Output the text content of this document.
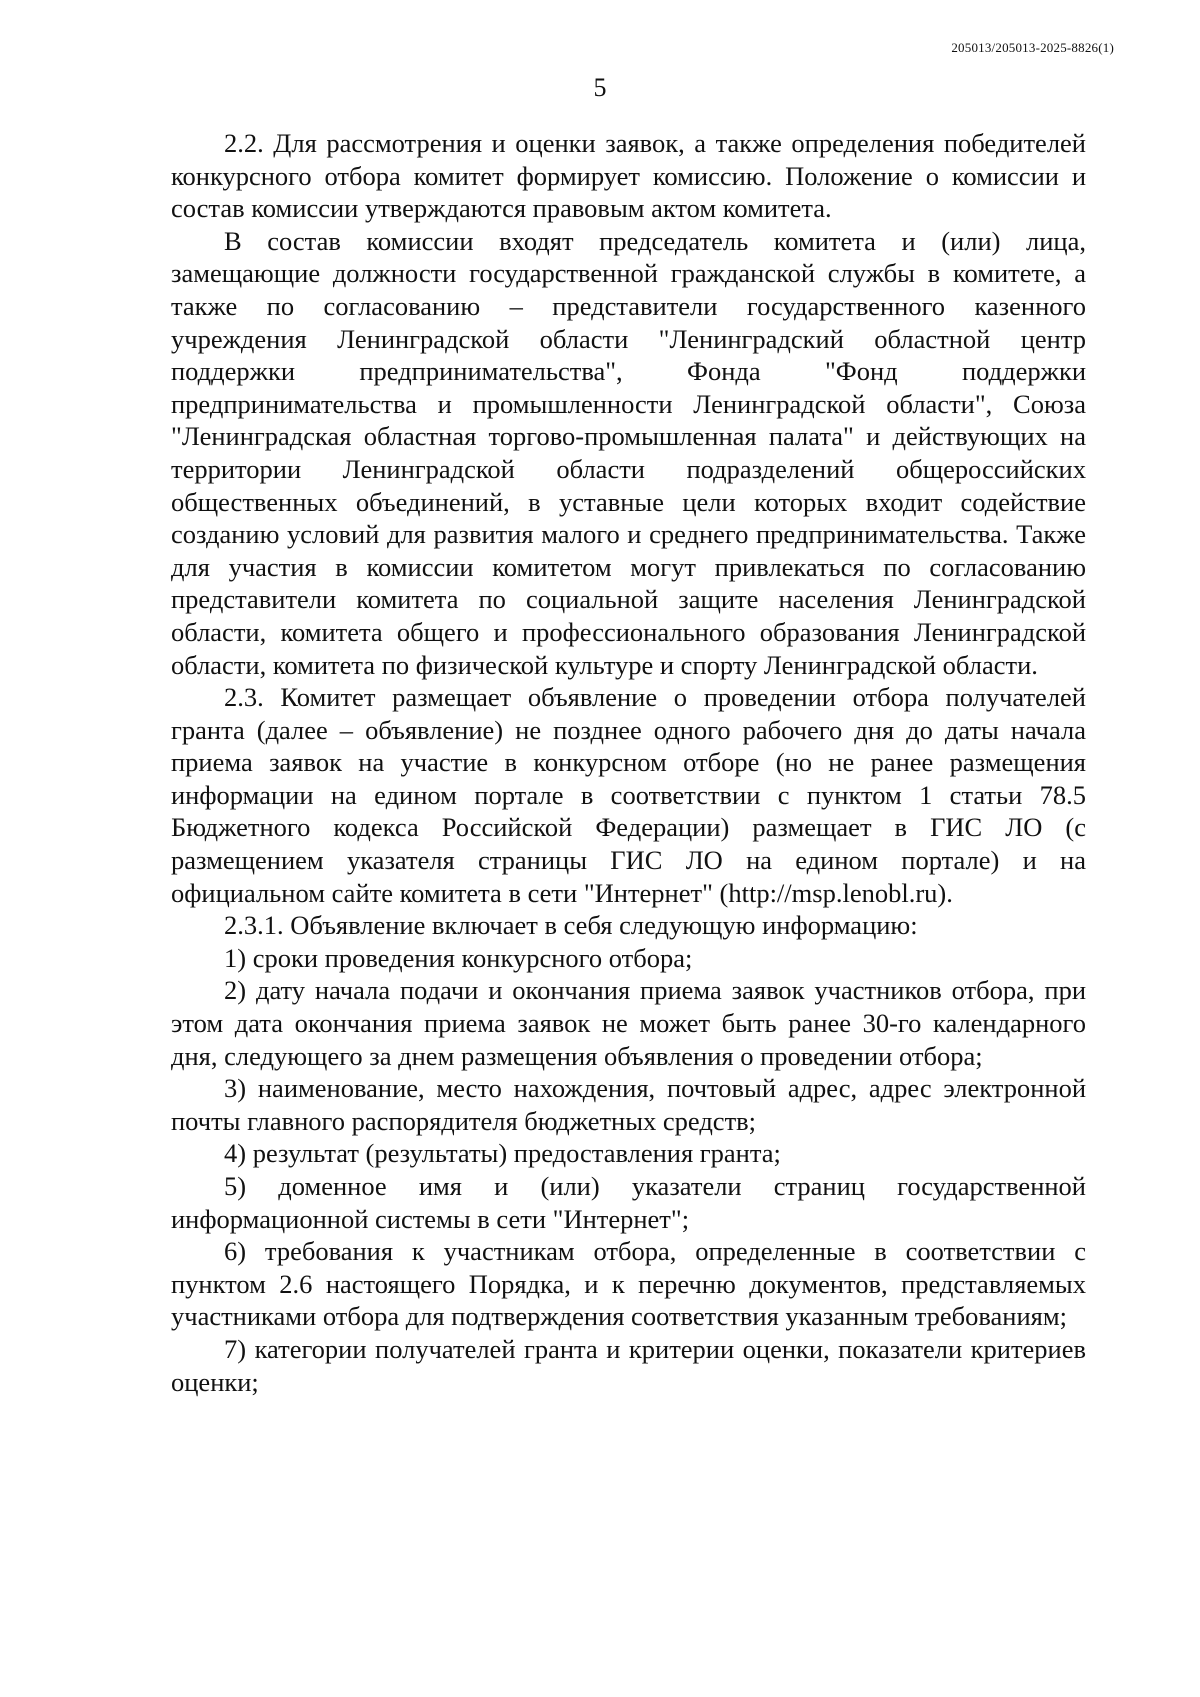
205013/205013-2025-8826(1)
5

2.2. Для рассмотрения и оценки заявок, а также определения победителей конкурсного отбора комитет формирует комиссию. Положение о комиссии и состав комиссии утверждаются правовым актом комитета.

В состав комиссии входят председатель комитета и (или) лица, замещающие должности государственной гражданской службы в комитете, а также по согласованию – представители государственного казенного учреждения Ленинградской области "Ленинградский областной центр поддержки предпринимательства", Фонда "Фонд поддержки предпринимательства и промышленности Ленинградской области", Союза "Ленинградская областная торгово-промышленная палата" и действующих на территории Ленинградской области подразделений общероссийских общественных объединений, в уставные цели которых входит содействие созданию условий для развития малого и среднего предпринимательства. Также для участия в комиссии комитетом могут привлекаться по согласованию представители комитета по социальной защите населения Ленинградской области, комитета общего и профессионального образования Ленинградской области, комитета по физической культуре и спорту Ленинградской области.

2.3. Комитет размещает объявление о проведении отбора получателей гранта (далее – объявление) не позднее одного рабочего дня до даты начала приема заявок на участие в конкурсном отборе (но не ранее размещения информации на едином портале в соответствии с пунктом 1 статьи 78.5 Бюджетного кодекса Российской Федерации) размещает в ГИС ЛО (с размещением указателя страницы ГИС ЛО на едином портале) и на официальном сайте комитета в сети "Интернет" (http://msp.lenobl.ru).

2.3.1. Объявление включает в себя следующую информацию:

1) сроки проведения конкурсного отбора;

2) дату начала подачи и окончания приема заявок участников отбора, при этом дата окончания приема заявок не может быть ранее 30-го календарного дня, следующего за днем размещения объявления о проведении отбора;

3) наименование, место нахождения, почтовый адрес, адрес электронной почты главного распорядителя бюджетных средств;

4) результат (результаты) предоставления гранта;

5) доменное имя и (или) указатели страниц государственной информационной системы в сети "Интернет";

6) требования к участникам отбора, определенные в соответствии с пунктом 2.6 настоящего Порядка, и к перечню документов, представляемых участниками отбора для подтверждения соответствия указанным требованиям;

7) категории получателей гранта и критерии оценки, показатели критериев оценки;
